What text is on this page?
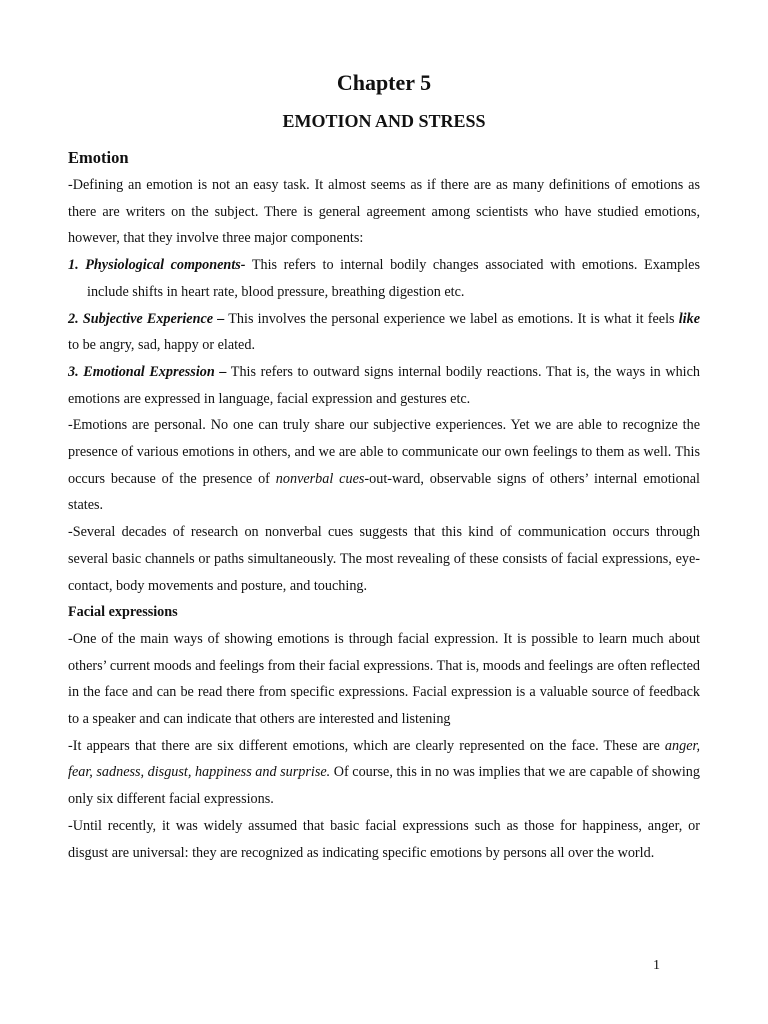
Chapter 5
EMOTION AND STRESS
Emotion

-Defining an emotion is not an easy task. It almost seems as if there are as many definitions of emotions as there are writers on the subject. There is general agreement among scientists who have studied emotions, however, that they involve three major components:

1. Physiological components- This refers to internal bodily changes associated with emotions. Examples include shifts in heart rate, blood pressure, breathing digestion etc.

2. Subjective Experience – This involves the personal experience we label as emotions. It is what it feels like to be angry, sad, happy or elated.

3. Emotional Expression – This refers to outward signs internal bodily reactions. That is, the ways in which emotions are expressed in language, facial expression and gestures etc.

-Emotions are personal. No one can truly share our subjective experiences. Yet we are able to recognize the presence of various emotions in others, and we are able to communicate our own feelings to them as well. This occurs because of the presence of nonverbal cues-out-ward, observable signs of others’ internal emotional states.

-Several decades of research on nonverbal cues suggests that this kind of communication occurs through several basic channels or paths simultaneously. The most revealing of these consists of facial expressions, eye-contact, body movements and posture, and touching.

Facial expressions

-One of the main ways of showing emotions is through facial expression. It is possible to learn much about others’ current moods and feelings from their facial expressions. That is, moods and feelings are often reflected in the face and can be read there from specific expressions. Facial expression is a valuable source of feedback to a speaker and can indicate that others are interested and listening

-It appears that there are six different emotions, which are clearly represented on the face. These are anger, fear, sadness, disgust, happiness and surprise. Of course, this in no was implies that we are capable of showing only six different facial expressions.

-Until recently, it was widely assumed that basic facial expressions such as those for happiness, anger, or disgust are universal: they are recognized as indicating specific emotions by persons all over the world.

1
